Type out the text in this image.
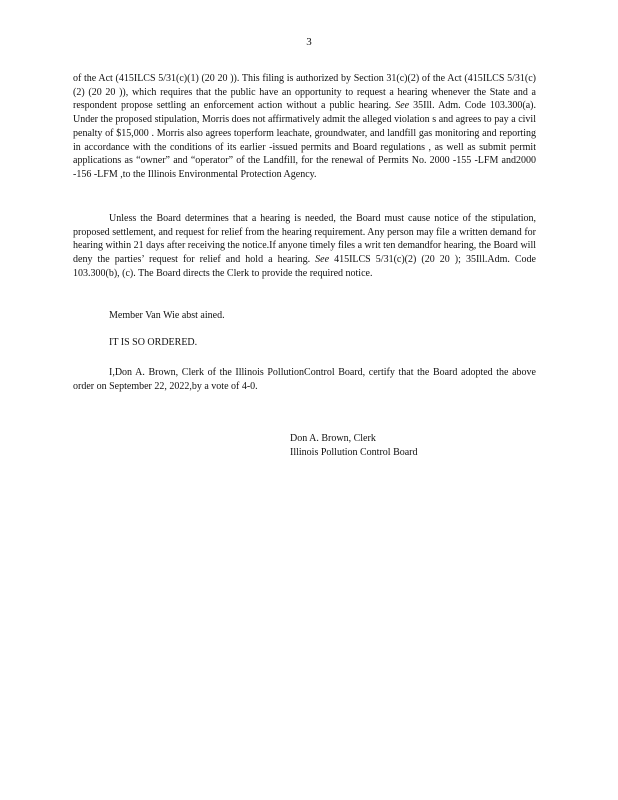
3

of the Act (415ILCS 5/31(c)(1) (20 20 )). This filing is authorized by Section 31(c)(2) of the Act (415ILCS 5/31(c)(2) (20 20 )), which requires that the public have an opportunity to request a hearing whenever the State and a respondent propose settling an enforcement action without a public hearing. See 35Ill. Adm. Code 103.300(a). Under the proposed stipulation, Morris does not affirmatively admit the alleged violation s and agrees to pay a civil penalty of $15,000 . Morris also agrees toperform leachate, groundwater, and landfill gas monitoring and reporting in accordance with the conditions of its earlier -issued permits and Board regulations , as well as submit permit applications as “owner” and “operator” of the Landfill, for the renewal of Permits No. 2000 -155 -LFM and2000 -156 -LFM ,to the Illinois Environmental Protection Agency.

Unless the Board determines that a hearing is needed, the Board must cause notice of the stipulation, proposed settlement, and request for relief from the hearing requirement. Any person may file a written demand for hearing within 21 days after receiving the notice.If anyone timely files a writ ten demandfor hearing, the Board will deny the parties’ request for relief and hold a hearing. See 415ILCS 5/31(c)(2) (20 20 ); 35Ill.Adm. Code 103.300(b), (c). The Board directs the Clerk to provide the required notice.

Member Van Wie abst ained.

IT IS SO ORDERED.

I,Don A. Brown, Clerk of the Illinois PollutionControl Board, certify that the Board adopted the above order on September 22, 2022,by a vote of 4-0.

Don A. Brown, Clerk
Illinois Pollution Control Board
